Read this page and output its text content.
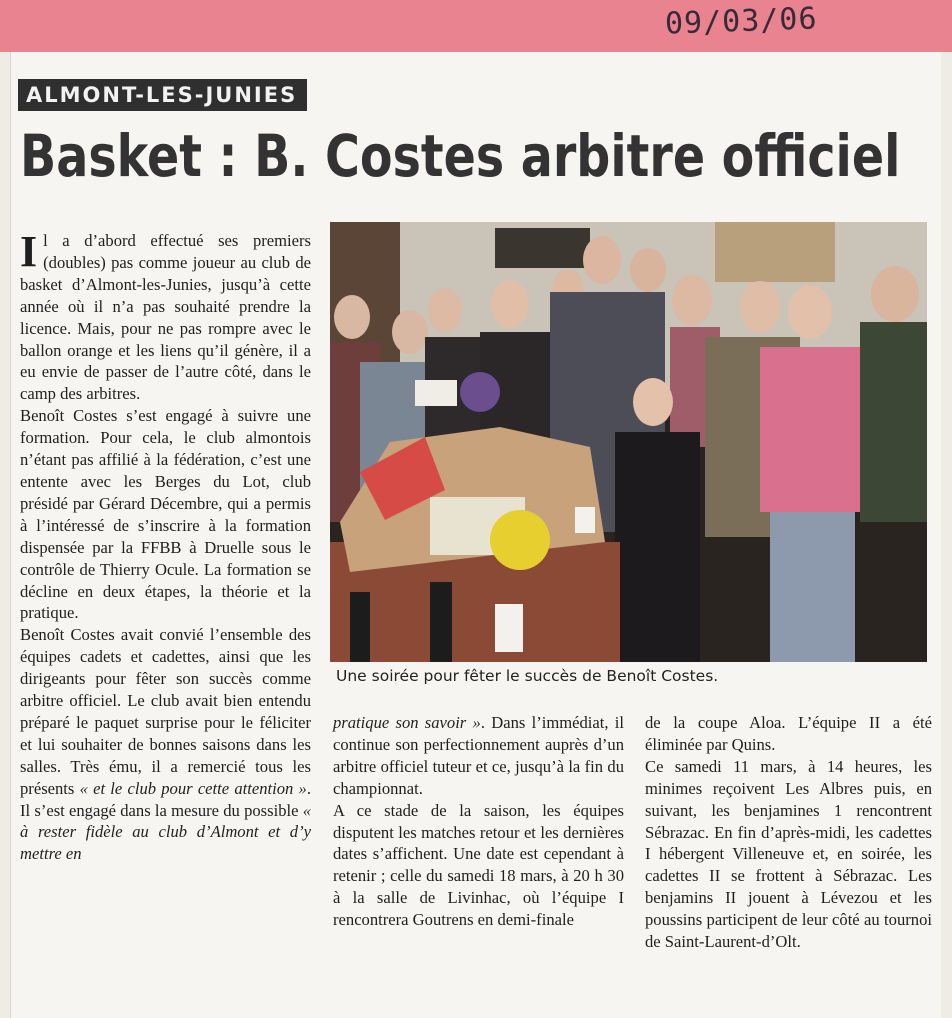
09/03/06
ALMONT-LES-JUNIES
Basket : B. Costes arbitre officiel

Il a d’abord effectué ses premiers (doubles) pas comme joueur au club de basket d’Almont-les-Junies, jusqu’à cette année où il n’a pas souhaité prendre la licence. Mais, pour ne pas rompre avec le ballon orange et les liens qu’il génère, il a eu envie de passer de l’autre côté, dans le camp des arbitres.

Benoît Costes s’est engagé à suivre une formation. Pour cela, le club almontois n’étant pas affilié à la fédération, c’est une entente avec les Berges du Lot, club présidé par Gérard Décembre, qui a permis à l’intéressé de s’inscrire à la formation dispensée par la FFBB à Druelle sous le contrôle de Thierry Ocule. La formation se décline en deux étapes, la théorie et la pratique.

Benoît Costes avait convié l’ensemble des équipes cadets et cadettes, ainsi que les dirigeants pour fêter son succès comme arbitre officiel. Le club avait bien entendu préparé le paquet surprise pour le féliciter et lui souhaiter de bonnes saisons dans les salles. Très ému, il a remercié tous les présents « et le club pour cette attention ». Il s’est engagé dans la mesure du possible « à rester fidèle au club d’Almont et d’y mettre en

Une soirée pour fêter le succès de Benoît Costes.

pratique son savoir ». Dans l’immédiat, il continue son perfectionnement auprès d’un arbitre officiel tuteur et ce, jusqu’à la fin du championnat.

A ce stade de la saison, les équipes disputent les matches retour et les dernières dates s’affichent. Une date est cependant à retenir ; celle du samedi 18 mars, à 20 h 30 à la salle de Livinhac, où l’équipe I rencontrera Goutrens en demi-finale

de la coupe Aloa. L’équipe II a été éliminée par Quins.

Ce samedi 11 mars, à 14 heures, les minimes reçoivent Les Albres puis, en suivant, les benjamines 1 rencontrent Sébrazac. En fin d’après-midi, les cadettes I hébergent Villeneuve et, en soirée, les cadettes II se frottent à Sébrazac. Les benjamins II jouent à Lévezou et les poussins participent de leur côté au tournoi de Saint-Laurent-d’Olt.
